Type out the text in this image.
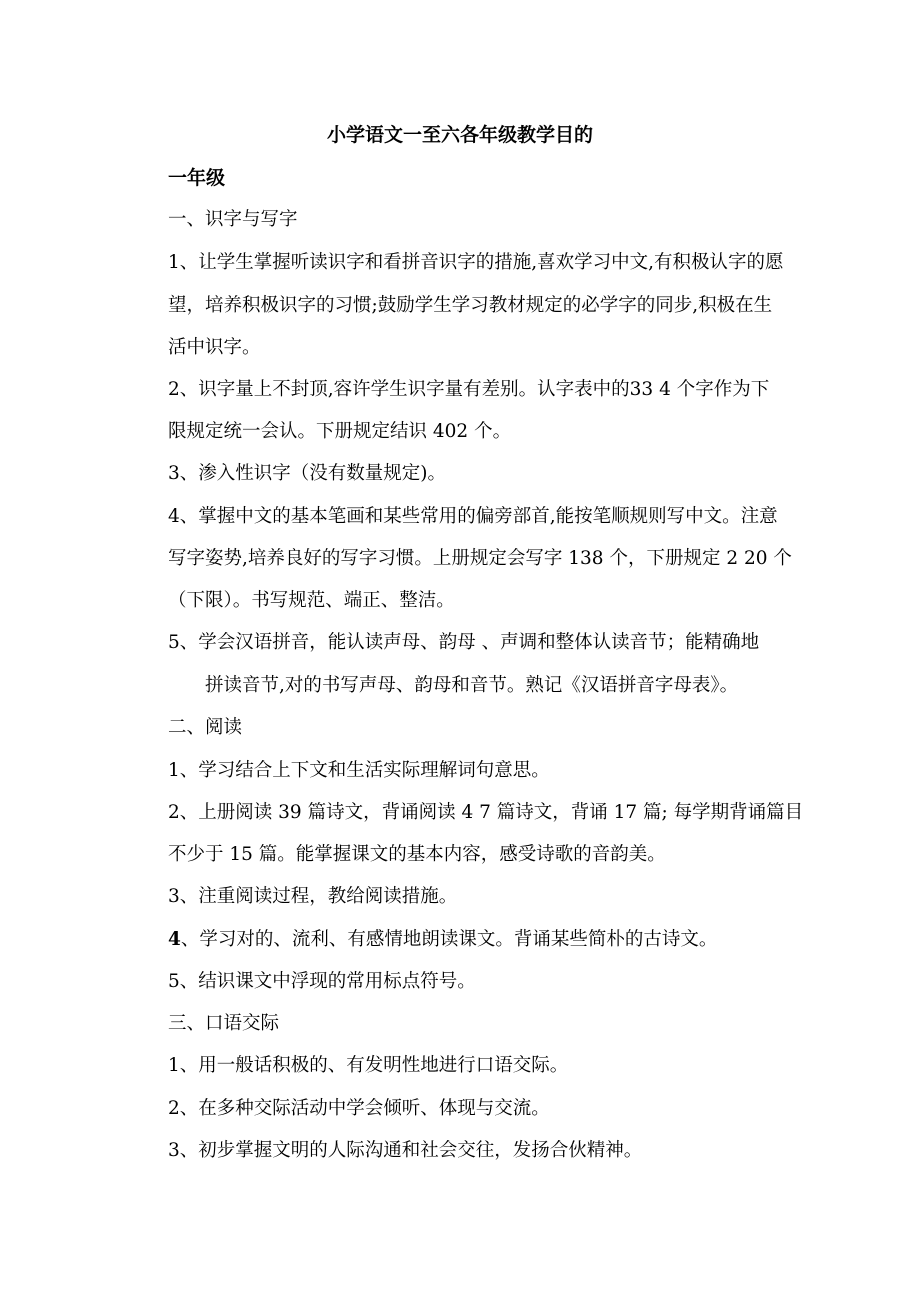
小学语文一至六各年级教学目的
一年级
一、识字与写字
1、让学生掌握听读识字和看拼音识字的措施,喜欢学习中文,有积极认字的愿
望，培养积极识字的习惯;鼓励学生学习教材规定的必学字的同步,积极在生
活中识字。
2、识字量上不封顶,容许学生识字量有差别。认字表中的33 4 个字作为下
限规定统一会认。下册规定结识 402 个。
3、渗入性识字（没有数量规定)。
4、掌握中文的基本笔画和某些常用的偏旁部首,能按笔顺规则写中文。注意
写字姿势,培养良好的写字习惯。上册规定会写字 138 个，下册规定 2 20 个
（下限）。书写规范、端正、整洁。
5、学会汉语拼音，能认读声母、韵母 、声调和整体认读音节；能精确地
拼读音节,对的书写声母、韵母和音节。熟记《汉语拼音字母表》。
二、阅读
1、学习结合上下文和生活实际理解词句意思。
2、上册阅读 39 篇诗文，背诵阅读 4 7 篇诗文，背诵 17 篇; 每学期背诵篇目
不少于 15 篇。能掌握课文的基本内容，感受诗歌的音韵美。
3、注重阅读过程，教给阅读措施。
4、学习对的、流利、有感情地朗读课文。背诵某些简朴的古诗文。
5、结识课文中浮现的常用标点符号。
三、口语交际
1、用一般话积极的、有发明性地进行口语交际。
2、在多种交际活动中学会倾听、体现与交流。
3、初步掌握文明的人际沟通和社会交往，发扬合伙精神。
